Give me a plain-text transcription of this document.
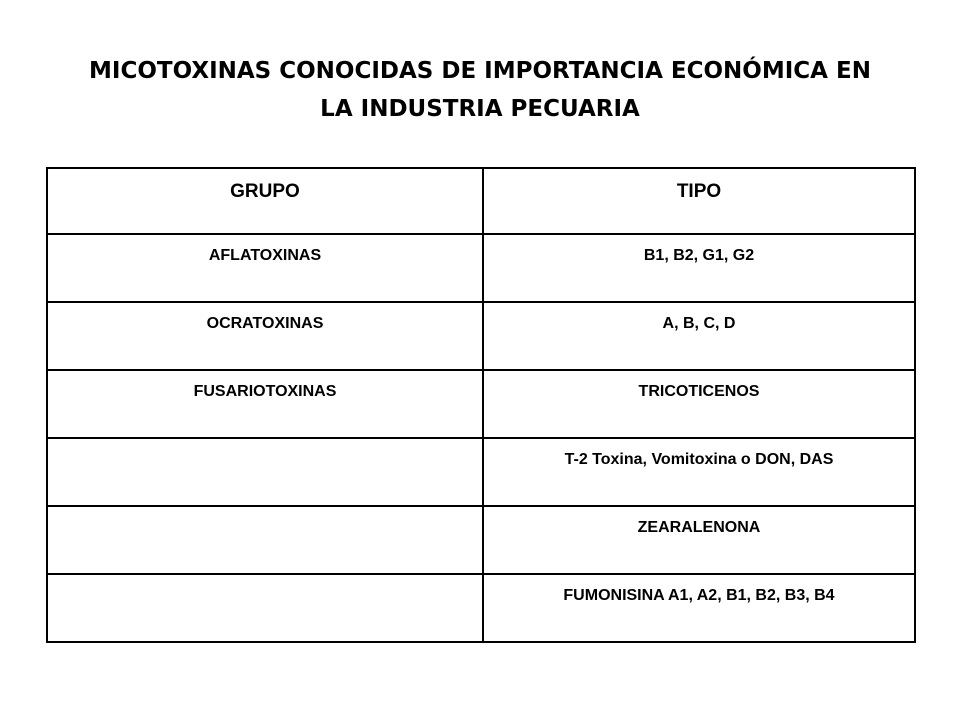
MICOTOXINAS CONOCIDAS DE IMPORTANCIA ECONÓMICA EN
LA INDUSTRIA PECUARIA
GRUPO	TIPO
AFLATOXINAS	B1, B2, G1, G2
OCRATOXINAS	A, B, C, D
FUSARIOTOXINAS	TRICOTICENOS
	T-2 Toxina, Vomitoxina o DON, DAS
	ZEARALENONA
	FUMONISINA A1, A2, B1, B2, B3, B4
